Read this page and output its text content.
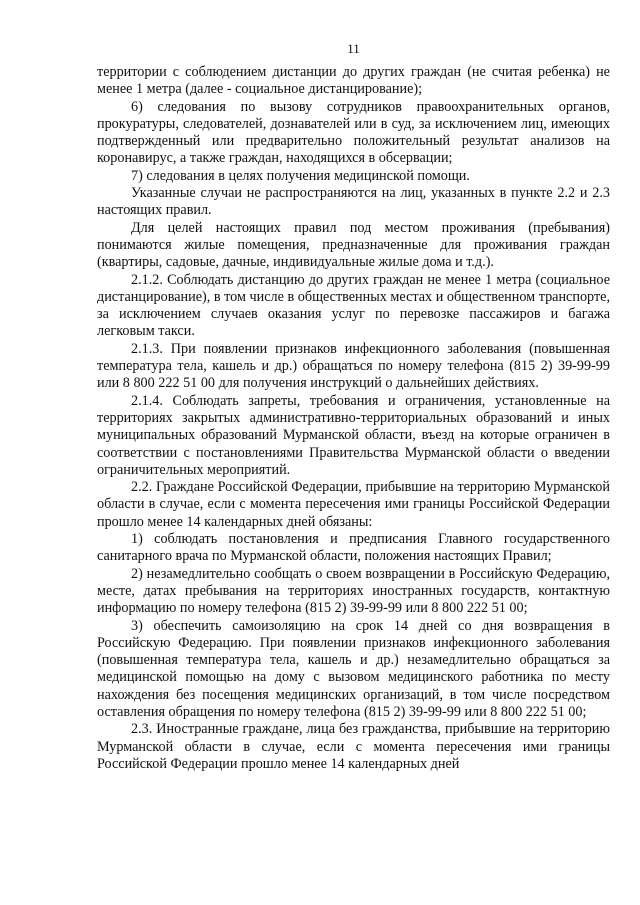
11

территории с соблюдением дистанции до других граждан (не считая ребенка) не менее 1 метра (далее - социальное дистанцирование);

6) следования по вызову сотрудников правоохранительных органов, прокуратуры, следователей, дознавателей или в суд, за исключением лиц, имеющих подтвержденный или предварительно положительный результат анализов на коронавирус, а также граждан, находящихся в обсервации;

7) следования в целях получения медицинской помощи.

Указанные случаи не распространяются на лиц, указанных в пункте 2.2 и 2.3 настоящих правил.

Для целей настоящих правил под местом проживания (пребывания) понимаются жилые помещения, предназначенные для проживания граждан (квартиры, садовые, дачные, индивидуальные жилые дома и т.д.).

2.1.2. Соблюдать дистанцию до других граждан не менее 1 метра (социальное дистанцирование), в том числе в общественных местах и общественном транспорте, за исключением случаев оказания услуг по перевозке пассажиров и багажа легковым такси.

2.1.3. При появлении признаков инфекционного заболевания (повышенная температура тела, кашель и др.) обращаться по номеру телефона (815 2) 39-99-99 или 8 800 222 51 00 для получения инструкций о дальнейших действиях.

2.1.4. Соблюдать запреты, требования и ограничения, установленные на территориях закрытых административно-территориальных образований и иных муниципальных образований Мурманской области, въезд на которые ограничен в соответствии с постановлениями Правительства Мурманской области о введении ограничительных мероприятий.

2.2. Граждане Российской Федерации, прибывшие на территорию Мурманской области в случае, если с момента пересечения ими границы Российской Федерации прошло менее 14 календарных дней обязаны:

1) соблюдать постановления и предписания Главного государственного санитарного врача по Мурманской области, положения настоящих Правил;

2) незамедлительно сообщать о своем возвращении в Российскую Федерацию, месте, датах пребывания на территориях иностранных государств, контактную информацию по номеру телефона (815 2) 39-99-99 или 8 800 222 51 00;

3) обеспечить самоизоляцию на срок 14 дней со дня возвращения в Российскую Федерацию. При появлении признаков инфекционного заболевания (повышенная температура тела, кашель и др.) незамедлительно обращаться за медицинской помощью на дому с вызовом медицинского работника по месту нахождения без посещения медицинских организаций, в том числе посредством оставления обращения по номеру телефона (815 2) 39-99-99 или 8 800 222 51 00;

2.3. Иностранные граждане, лица без гражданства, прибывшие на территорию Мурманской области в случае, если с момента пересечения ими границы Российской Федерации прошло менее 14 календарных дней
